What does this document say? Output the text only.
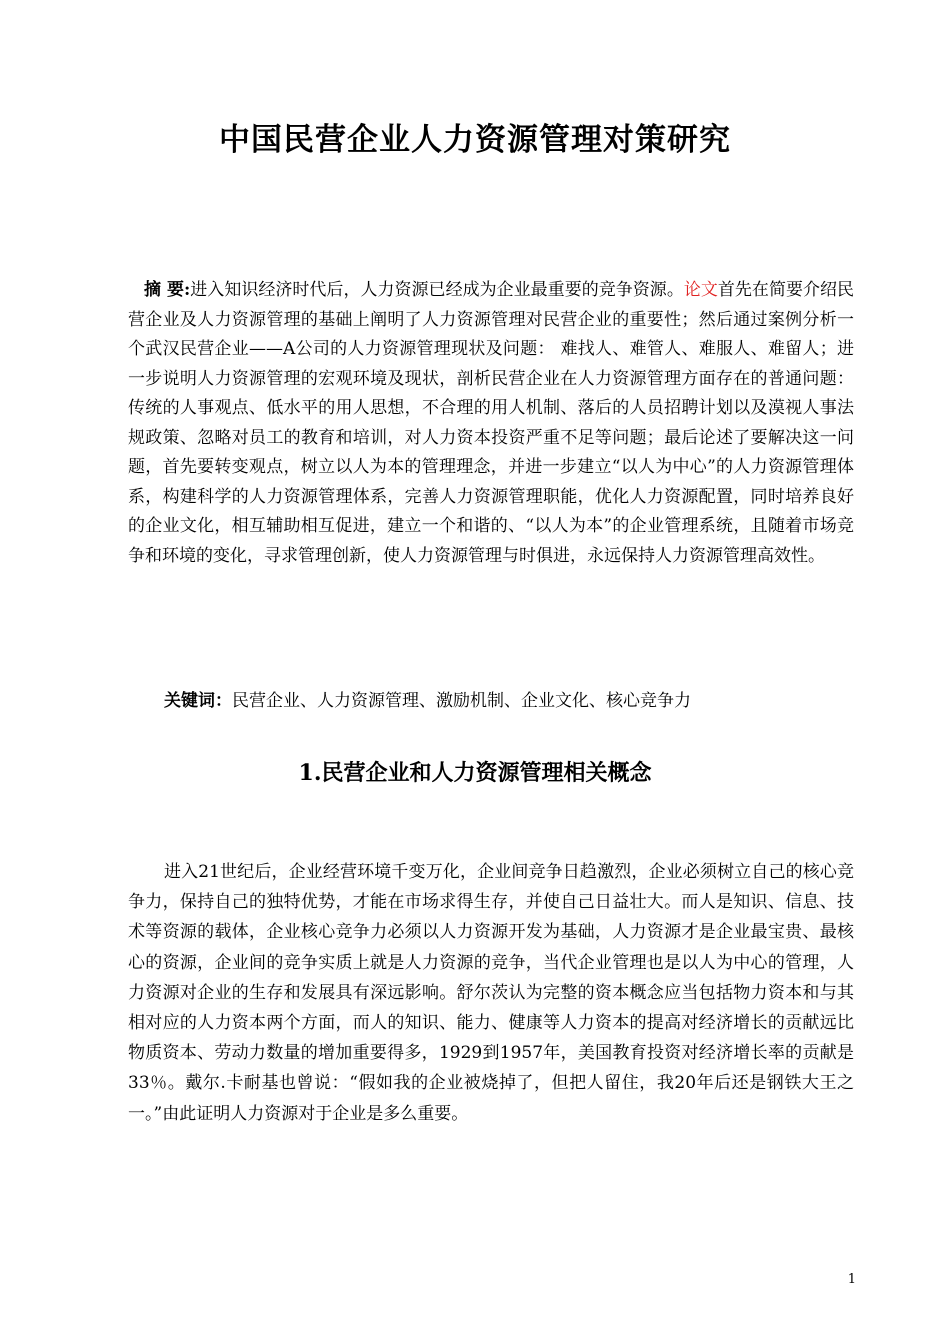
中国民营企业人力资源管理对策研究

摘 要:进入知识经济时代后，人力资源已经成为企业最重要的竞争资源。论文首先在简要介绍民营企业及人力资源管理的基础上阐明了人力资源管理对民营企业的重要性；然后通过案例分析一个武汉民营企业——A公司的人力资源管理现状及问题： 难找人、难管人、难服人、难留人；进一步说明人力资源管理的宏观环境及现状，剖析民营企业在人力资源管理方面存在的普通问题：传统的人事观点、低水平的用人思想，不合理的用人机制、落后的人员招聘计划以及漠视人事法规政策、忽略对员工的教育和培训，对人力资本投资严重不足等问题；最后论述了要解决这一问题，首先要转变观点，树立以人为本的管理理念，并进一步建立“以人为中心”的人力资源管理体系，构建科学的人力资源管理体系，完善人力资源管理职能，优化人力资源配置，同时培养良好的企业文化，相互辅助相互促进，建立一个和谐的、“以人为本”的企业管理系统，且随着市场竞争和环境的变化，寻求管理创新，使人力资源管理与时俱进，永远保持人力资源管理高效性。

关键词：民营企业、人力资源管理、激励机制、企业文化、核心竞争力

1.民营企业和人力资源管理相关概念

进入21世纪后，企业经营环境千变万化，企业间竞争日趋激烈，企业必须树立自己的核心竞争力，保持自己的独特优势，才能在市场求得生存，并使自己日益壮大。而人是知识、信息、技术等资源的载体，企业核心竞争力必须以人力资源开发为基础，人力资源才是企业最宝贵、最核心的资源，企业间的竞争实质上就是人力资源的竞争，当代企业管理也是以人为中心的管理，人力资源对企业的生存和发展具有深远影响。舒尔茨认为完整的资本概念应当包括物力资本和与其相对应的人力资本两个方面，而人的知识、能力、健康等人力资本的提高对经济增长的贡献远比物质资本、劳动力数量的增加重要得多，1929到1957年，美国教育投资对经济增长率的贡献是33％。戴尔.卡耐基也曾说：“假如我的企业被烧掉了，但把人留住，我20年后还是钢铁大王之一。”由此证明人力资源对于企业是多么重要。

1
